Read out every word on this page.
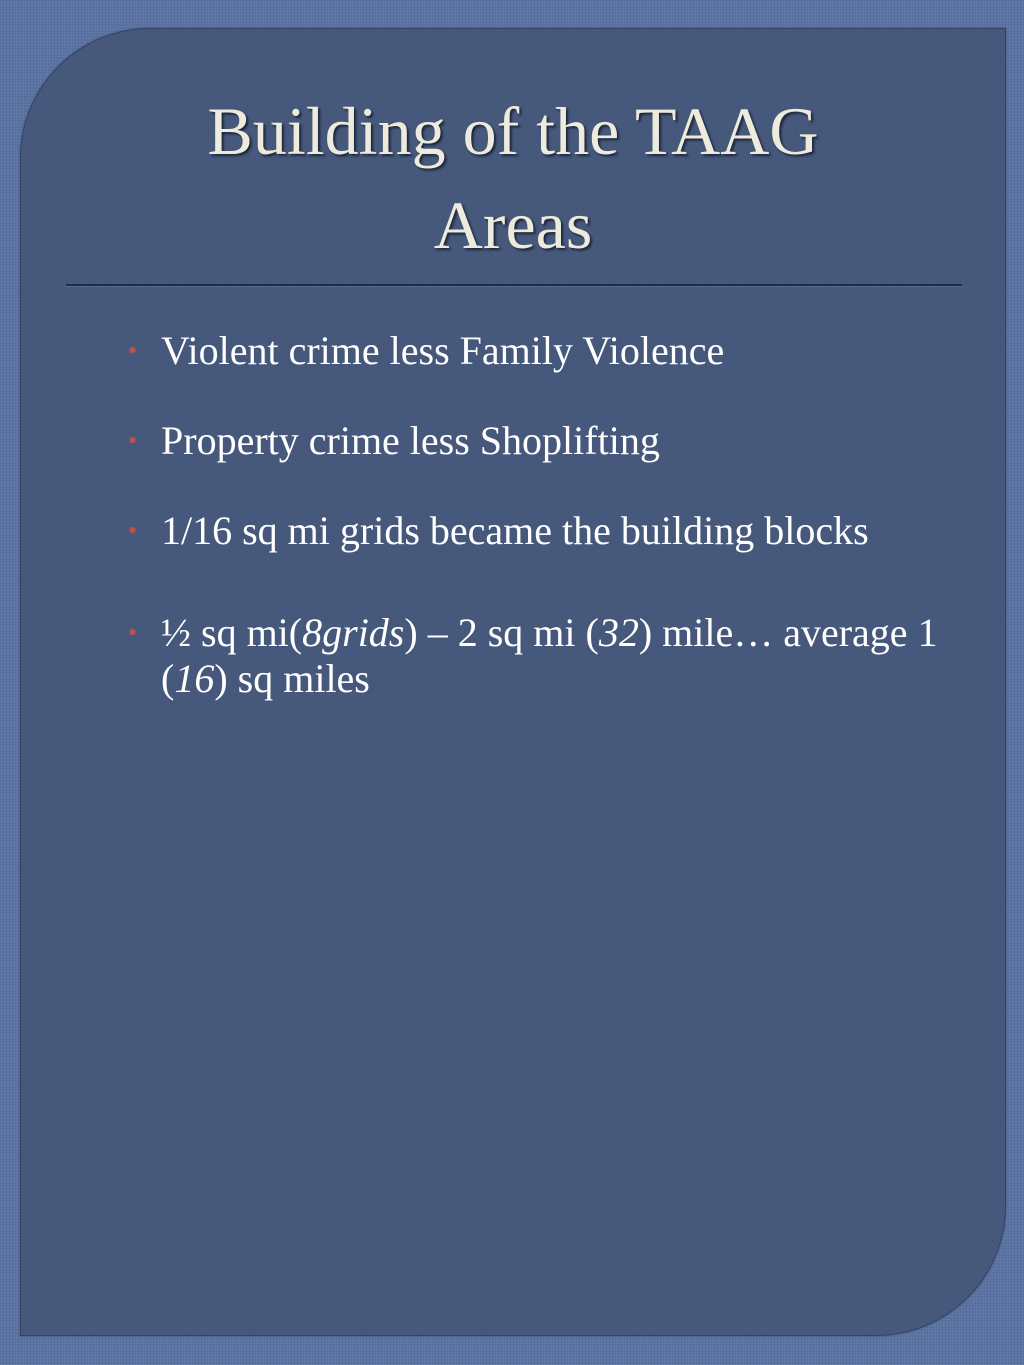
Building of the TAAG
Areas
• Violent crime less Family Violence
• Property crime less Shoplifting
• 1/16 sq mi grids became the building blocks
• ½ sq mi(8grids) – 2 sq mi (32) mile… average 1 (16) sq miles
